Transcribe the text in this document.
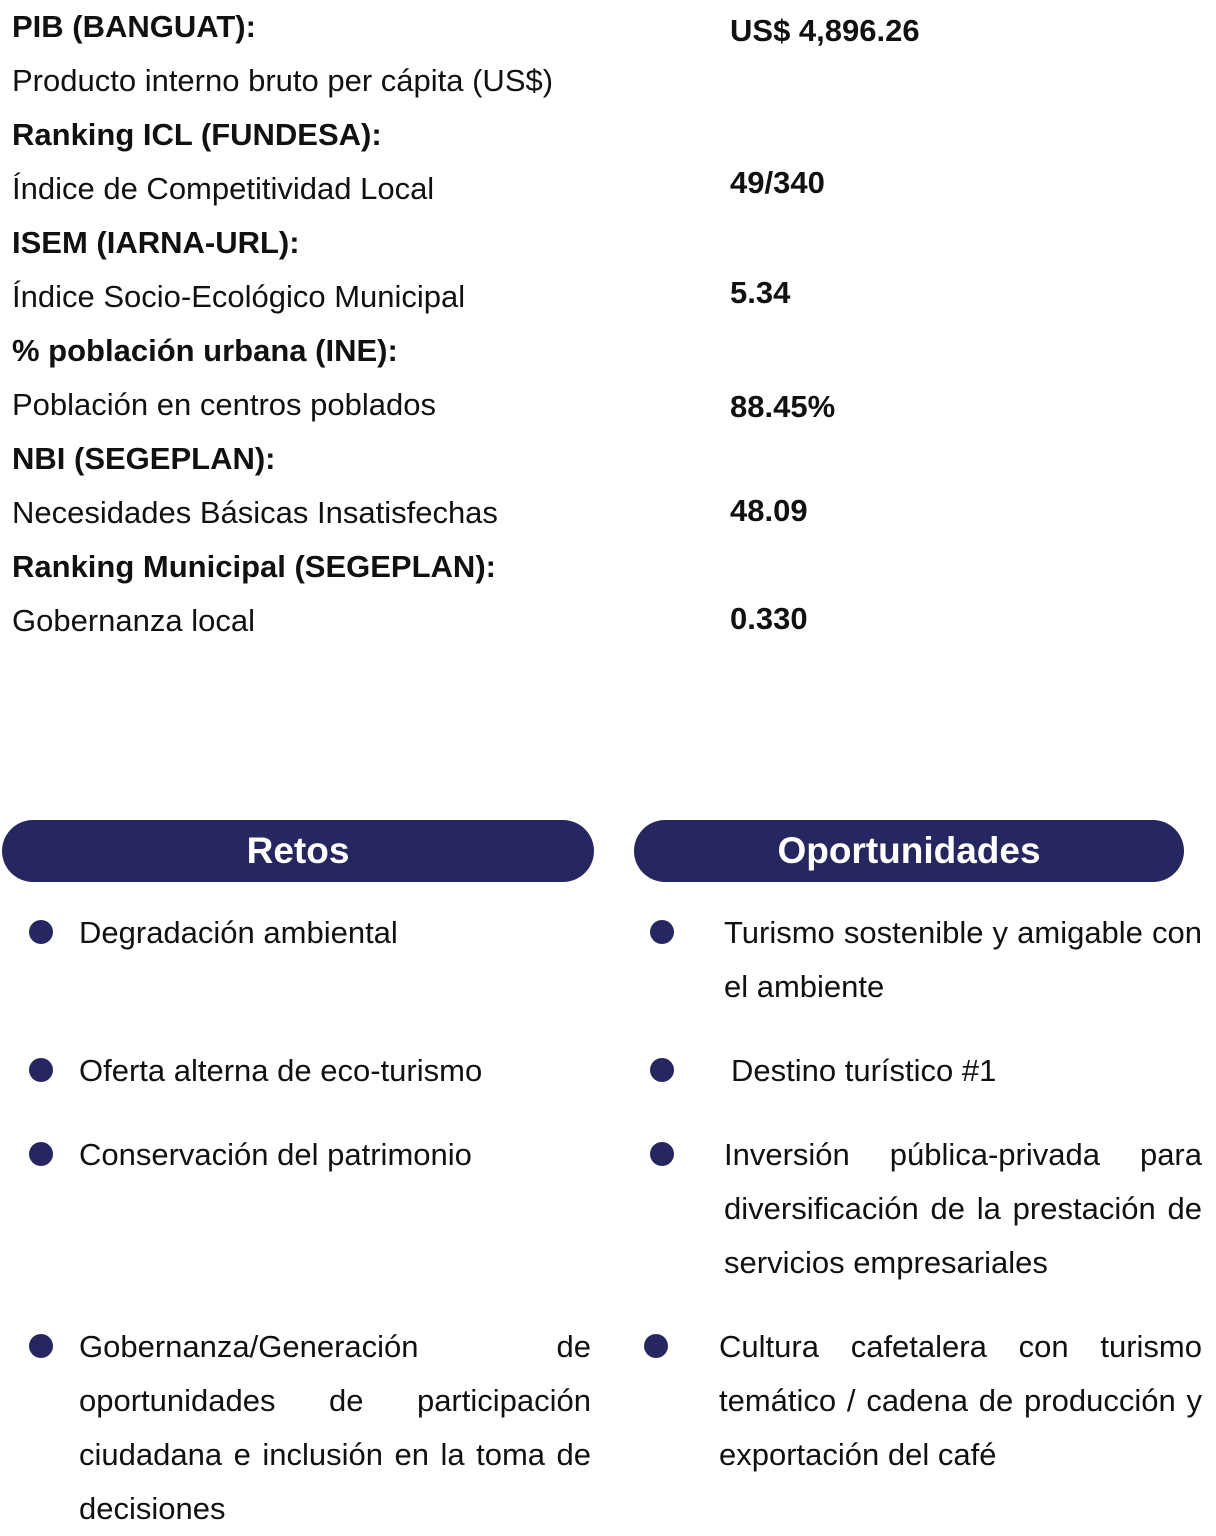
PIB (BANGUAT):
Producto interno bruto per cápita (US$)
US$ 4,896.26
Ranking ICL (FUNDESA):
Índice de Competitividad Local	49/340
ISEM (IARNA-URL):
Índice Socio-Ecológico Municipal	5.34
% población urbana (INE):
Población en centros poblados	88.45%
NBI (SEGEPLAN):
Necesidades Básicas Insatisfechas	48.09
Ranking Municipal (SEGEPLAN):
Gobernanza local	0.330
Retos
Degradación ambiental
Oferta alterna de eco-turismo
Conservación del patrimonio
Gobernanza/Generación de oportunidades de participación ciudadana e inclusión en la toma de decisiones
Oportunidades
Turismo sostenible y amigable con el ambiente
Destino turístico #1
Inversión pública-privada para diversificación de la prestación de servicios empresariales
Cultura cafetalera con turismo temático / cadena de producción y exportación del café
